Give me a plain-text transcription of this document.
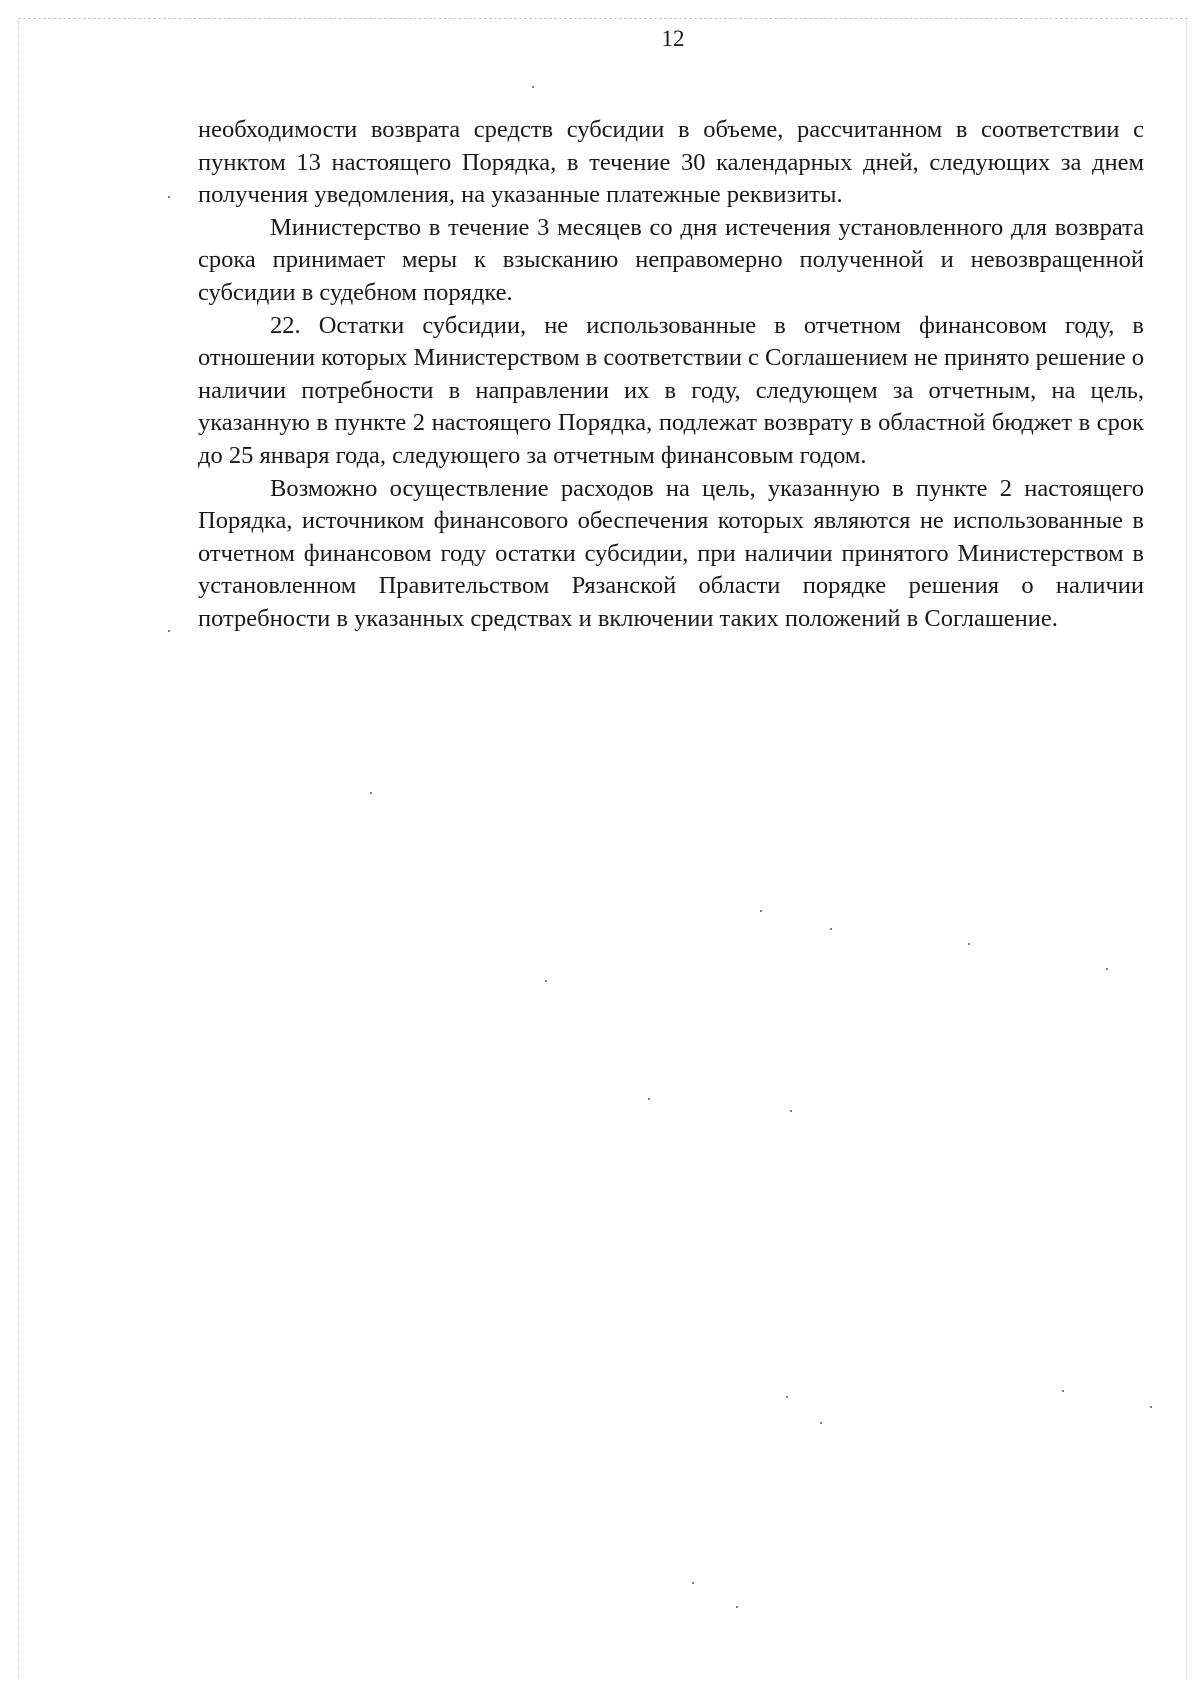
12

необходимости возврата средств субсидии в объеме, рассчитанном в соответствии с пунктом 13 настоящего Порядка, в течение 30 календарных дней, следующих за днем получения уведомления, на указанные платежные реквизиты.

Министерство в течение 3 месяцев со дня истечения установленного для возврата срока принимает меры к взысканию неправомерно полученной и невозвращенной субсидии в судебном порядке.

22. Остатки субсидии, не использованные в отчетном финансовом году, в отношении которых Министерством в соответствии с Соглашением не принято решение о наличии потребности в направлении их в году, следующем за отчетным, на цель, указанную в пункте 2 настоящего Порядка, подлежат возврату в областной бюджет в срок до 25 января года, следующего за отчетным финансовым годом.

Возможно осуществление расходов на цель, указанную в пункте 2 настоящего Порядка, источником финансового обеспечения которых являются не использованные в отчетном финансовом году остатки субсидии, при наличии принятого Министерством в установленном Правительством Рязанской области порядке решения о наличии потребности в указанных средствах и включении таких положений в Соглашение.
